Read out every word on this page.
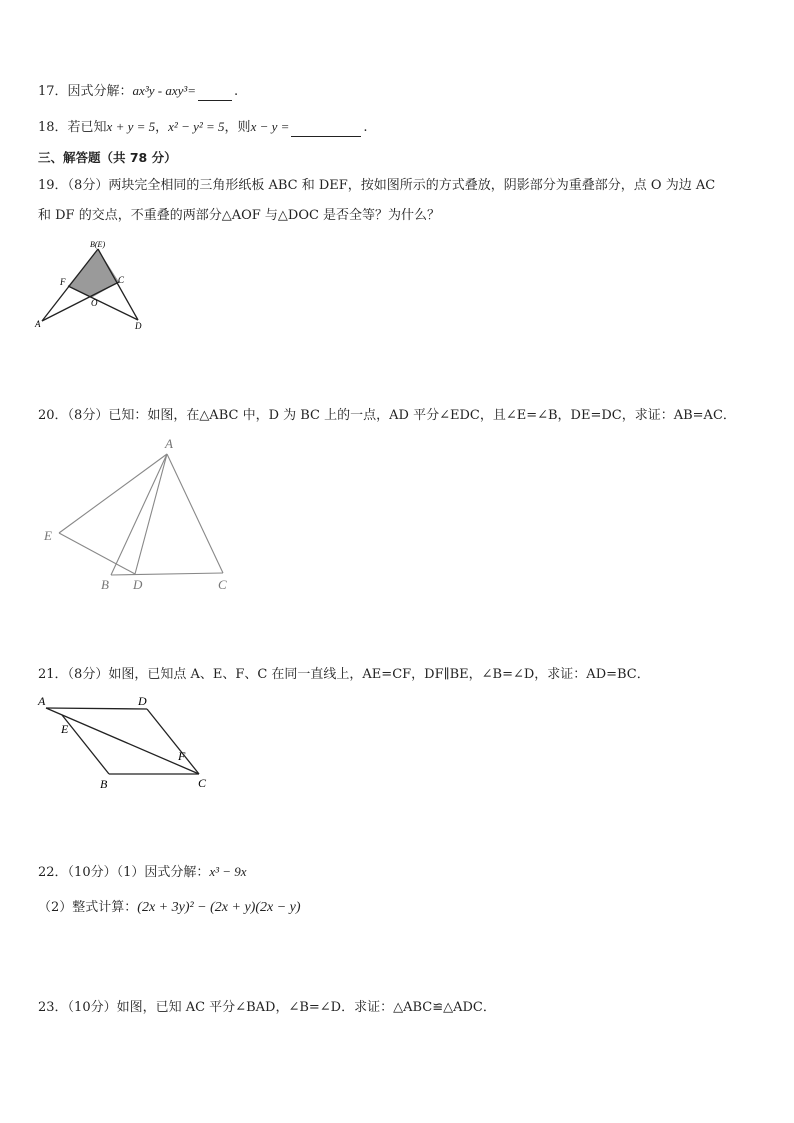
17．因式分解：ax³y - axy³=	.
18．若已知x + y = 5，x² − y² = 5，则x − y =	.
三、解答题（共 78 分）
19．（8分）两块完全相同的三角形纸板 ABC 和 DEF，按如图所示的方式叠放，阴影部分为重叠部分，点 O 为边 AC
和 DF 的交点，不重叠的两部分△AOF 与△DOC 是否全等？为什么？
B(E)
F	C
O
A	D
20．（8分）已知：如图，在△ABC 中，D 为 BC 上的一点，AD 平分∠EDC，且∠E=∠B，DE=DC，求证：AB=AC．
A
E
B D	C
21．（8分）如图，已知点 A、E、F、C 在同一直线上，AE=CF，DF∥BE，∠B=∠D，求证：AD=BC．
A	D
E
F
B	C
22．（10分）（1）因式分解：x³ − 9x
（2）整式计算：(2x + 3y)² − (2x + y)(2x − y)
23．（10分）如图，已知 AC 平分∠BAD，∠B=∠D．求证：△ABC≌△ADC．
